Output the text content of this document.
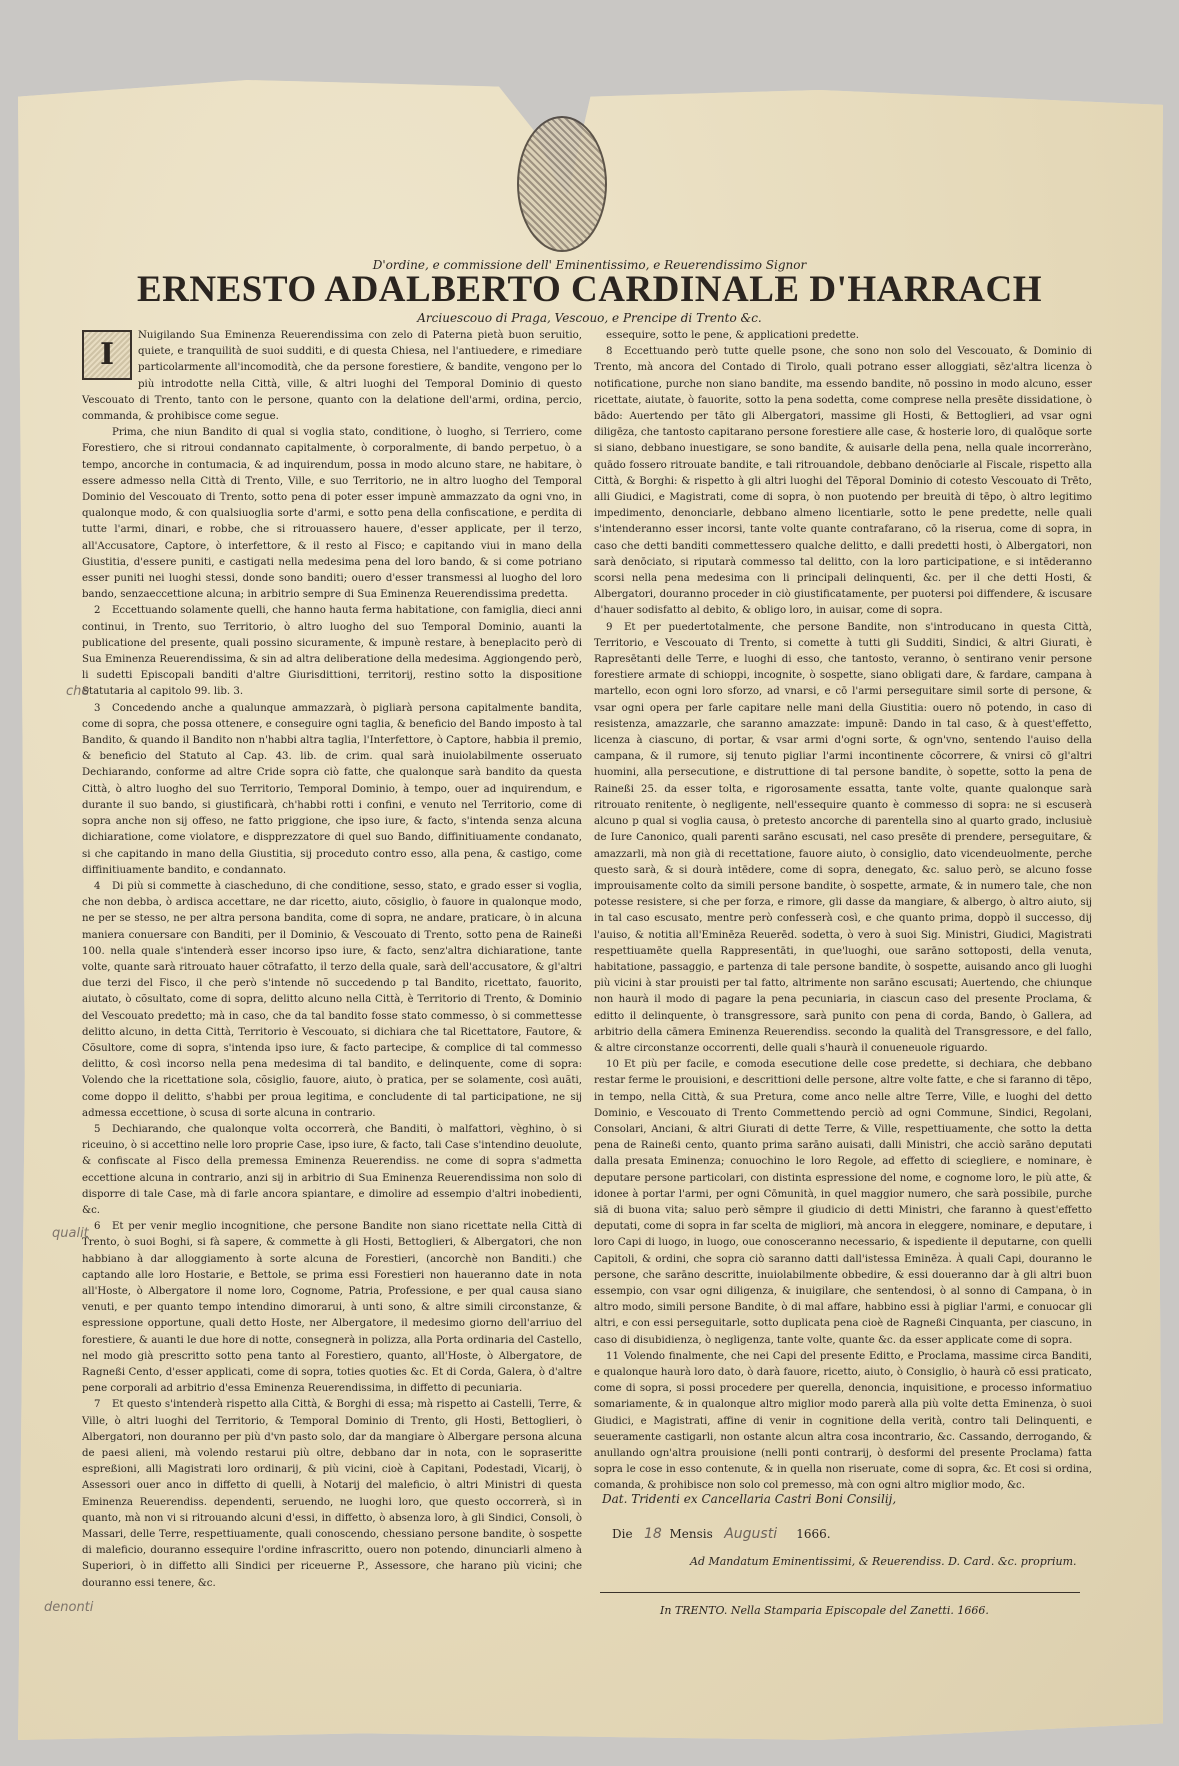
D'ordine, e commissione dell' Eminentissimo, e Reuerendissimo Signor
ERNESTO ADALBERTO CARDINALE D'HARRACH
Arciuescouo di Praga, Vescouo, e Prencipe di Trento &c.

I
Nuigilando Sua Eminenza Reuerendissima con zelo di Paterna pietà buon seruitio, quiete, e tranquilità de suoi sudditi, e di questa Chiesa, nel l'antiuedere, e rimediare particolarmente all'incomodità, che da persone forestiere, & bandite, vengono per lo più introdotte nella Città, ville, & altri luoghi del Temporal Dominio di questo Vescouato di Trento, tanto con le persone, quanto con la delatione dell'armi, ordina, percio, commanda, & prohibisce come segue.

Prima, che niun Bandito di qual si voglia stato, conditione, ò luogho, si Terriero, come Forestiero, che si ritroui condannato capitalmente, ò corporalmente, di bando perpetuo, ò a tempo, ancorche in contumacia, & ad inquirendum, possa in modo alcuno stare, ne habitare, ò essere admesso nella Città di Trento, Ville, e suo Territorio, ne in altro luogho del Temporal Dominio del Vescouato di Trento, sotto pena di poter esser impunè ammazzato da ogni vno, in qualonque modo, & con qualsiuoglia sorte d'armi, e sotto pena della confiscatione, e perdita di tutte l'armi, dinari, e robbe, che si ritrouassero hauere, d'esser applicate, per il terzo, all'Accusatore, Captore, ò interfettore, & il resto al Fisco; e capitando viui in mano della Giustitia, d'essere puniti, e castigati nella medesima pena del loro bando, & si come potriano esser puniti nei luoghi stessi, donde sono banditi; ouero d'esser transmessi al luogho del loro bando, senzaeccettione alcuna; in arbitrio sempre di Sua Eminenza Reuerendissima predetta.

2 Eccettuando solamente quelli, che hanno hauta ferma habitatione, con famiglia, dieci anni continui, in Trento, suo Territorio, ò altro luogho del suo Temporal Dominio, auanti la publicatione del presente, quali possino sicuramente, & impunè restare, à beneplacito però di Sua Eminenza Reuerendissima, & sin ad altra deliberatione della medesima. Aggiongendo però, li sudetti Episcopali banditi d'altre Giurisdittioni, territorij, restino sotto la dispositione Statutaria al capitolo 99. lib. 3.

3 Concedendo anche a qualunque ammazzarà, ò pigliarà persona capitalmente bandita, come di sopra, che possa ottenere, e conseguire ogni taglia, & beneficio del Bando imposto à tal Bandito, & quando il Bandito non n'habbi altra taglia, l'Interfettore, ò Captore, habbia il premio, & beneficio del Statuto al Cap. 43. lib. de crim. qual sarà inuiolabilmente osseruato Dechiarando, conforme ad altre Cride sopra ciò fatte, che qualonque sarà bandito da questa Città, ò altro luogho del suo Territorio, Temporal Dominio, à tempo, ouer ad inquirendum, e durante il suo bando, si giustificarà, ch'habbi rotti i confini, e venuto nel Territorio, come di sopra anche non sij offeso, ne fatto priggione, che ipso iure, & facto, s'intenda senza alcuna dichiaratione, come violatore, e dispprezzatore di quel suo Bando, diffinitiuamente condanato, si che capitando in mano della Giustitia, sij proceduto contro esso, alla pena, & castigo, come diffinitiuamente bandito, e condannato.

4 Di più si commette à ciascheduno, di che conditione, sesso, stato, e grado esser si voglia, che non debba, ò ardisca accettare, ne dar ricetto, aiuto, cõsiglio, ò fauore in qualonque modo, ne per se stesso, ne per altra persona bandita, come di sopra, ne andare, praticare, ò in alcuna maniera conuersare con Banditi, per il Dominio, & Vescouato di Trento, sotto pena de Raineßi 100. nella quale s'intenderà esser incorso ipso iure, & facto, senz'altra dichiaratione, tante volte, quante sarà ritrouato hauer cõtrafatto, il terzo della quale, sarà dell'accusatore, & gl'altri due terzi del Fisco, il che però s'intende nõ succedendo p tal Bandito, ricettato, fauorito, aiutato, ò cõsultato, come di sopra, delitto alcuno nella Città, è Territorio di Trento, & Dominio del Vescouato predetto; mà in caso, che da tal bandito fosse stato commesso, ò si commettesse delitto alcuno, in detta Città, Territorio è Vescouato, si dichiara che tal Ricettatore, Fautore, & Cõsultore, come di sopra, s'intenda ipso iure, & facto partecipe, & complice di tal commesso delitto, & così incorso nella pena medesima di tal bandito, e delinquente, come di sopra: Volendo che la ricettatione sola, cõsiglio, fauore, aiuto, ò pratica, per se solamente, così auãti, come doppo il delitto, s'habbi per proua legitima, e concludente di tal participatione, ne sij admessa eccettione, ò scusa di sorte alcuna in contrario.

5 Dechiarando, che qualonque volta occorrerà, che Banditi, ò malfattori, vèghino, ò si riceuino, ò si accettino nelle loro proprie Case, ipso iure, & facto, tali Case s'intendino deuolute, & confiscate al Fisco della premessa Eminenza Reuerendiss. ne come di sopra s'admetta eccettione alcuna in contrario, anzi sij in arbitrio di Sua Eminenza Reuerendissima non solo di disporre di tale Case, mà di farle ancora spiantare, e dimolire ad essempio d'altri inobedienti, &c.

6 Et per venir meglio incognitione, che persone Bandite non siano ricettate nella Città di Trento, ò suoi Boghi, si fà sapere, & commette à gli Hosti, Bettoglieri, & Albergatori, che non habbiano à dar alloggiamento à sorte alcuna de Forestieri, (ancorchè non Banditi.) che captando alle loro Hostarie, e Bettole, se prima essi Forestieri non haueranno date in nota all'Hoste, ò Albergatore il nome loro, Cognome, Patria, Professione, e per qual causa siano venuti, e per quanto tempo intendino dimorarui, à unti sono, & altre simili circonstanze, & espressione opportune, quali detto Hoste, ner Albergatore, il medesimo giorno dell'arriuo del forestiere, & auanti le due hore di notte, consegnerà in polizza, alla Porta ordinaria del Castello, nel modo già prescritto sotto pena tanto al Forestiero, quanto, all'Hoste, ò Albergatore, de Ragneßi Cento, d'esser applicati, come di sopra, toties quoties &c. Et di Corda, Galera, ò d'altre pene corporali ad arbitrio d'essa Eminenza Reuerendissima, in diffetto di pecuniaria.

7 Et questo s'intenderà rispetto alla Città, & Borghi di essa; mà rispetto ai Castelli, Terre, & Ville, ò altri luoghi del Territorio, & Temporal Dominio di Trento, gli Hosti, Bettoglieri, ò Albergatori, non douranno per più d'vn pasto solo, dar da mangiare ò Albergare persona alcuna de paesi alieni, mà volendo restarui più oltre, debbano dar in nota, con le sopraseritte espreßioni, alli Magistrati loro ordinarij, & più vicini, cioè à Capitani, Podestadi, Vicarij, ò Assessori ouer anco in diffetto di quelli, à Notarij del maleficio, ò altri Ministri di questa Eminenza Reuerendiss. dependenti, seruendo, ne luoghi loro, que questo occorrerà, sì in quanto, mà non vi si ritrouando alcuni d'essi, in diffetto, ò absenza loro, à gli Sindici, Consoli, ò Massari, delle Terre, respettiuamente, quali conoscendo, chessiano persone bandite, ò sospette di maleficio, douranno essequire l'ordine infrascritto, ouero non potendo, dinunciarli almeno à Superiori, ò in diffetto alli Sindici per riceuerne P., Assessore, che harano più vicini; che douranno essi tenere, &c.

essequire, sotto le pene, & applicationi predette.

8 Eccettuando però tutte quelle psone, che sono non solo del Vescouato, & Dominio di Trento, mà ancora del Contado di Tirolo, quali potrano esser alloggiati, sēz'altra licenza ò notificatione, purche non siano bandite, ma essendo bandite, nō possino in modo alcuno, esser ricettate, aiutate, ò fauorite, sotto la pena sodetta, come comprese nella presēte dissidatione, ò bādo: Auertendo per tāto gli Albergatori, massime gli Hosti, & Bettoglieri, ad vsar ogni diligēza, che tantosto capitarano persone forestiere alle case, & hosterie loro, di qualōque sorte si siano, debbano inuestigare, se sono bandite, & auisarle della pena, nella quale incorreràno, quādo fossero ritrouate bandite, e tali ritrouandole, debbano denōciarle al Fiscale, rispetto alla Città, & Borghi: & rispetto à gli altri luoghi del Tēporal Dominio di cotesto Vescouato di Trēto, alli Giudici, e Magistrati, come di sopra, ò non puotendo per breuità di tēpo, ò altro legitimo impedimento, denonciarle, debbano almeno licentiarle, sotto le pene predette, nelle quali s'intenderanno esser incorsi, tante volte quante contrafarano, cō la riserua, come di sopra, in caso che detti banditi commettessero qualche delitto, e dalli predetti hosti, ò Albergatori, non sarà denōciato, si riputarà commesso tal delitto, con la loro participatione, e si intēderanno scorsi nella pena medesima con li principali delinquenti, &c. per il che detti Hosti, & Albergatori, douranno proceder in ciò giustificatamente, per puotersi poi diffendere, & iscusare d'hauer sodisfatto al debito, & obligo loro, in auisar, come di sopra.

9 Et per puedertotalmente, che persone Bandite, non s'introducano in questa Città, Territorio, e Vescouato di Trento, si comette à tutti gli Sudditi, Sindici, & altri Giurati, è Rapresētanti delle Terre, e luoghi di esso, che tantosto, veranno, ò sentirano venir persone forestiere armate di schioppi, incognite, ò sospette, siano obligati dare, & fardare, campana à martello, econ ogni loro sforzo, ad vnarsi, e cō l'armi perseguitare simil sorte di persone, & vsar ogni opera per farle capitare nelle mani della Giustitia: ouero nō potendo, in caso di resistenza, amazzarle, che saranno amazzate: impunē: Dando in tal caso, & à quest'effetto, licenza à ciascuno, di portar, & vsar armi d'ogni sorte, & ogn'vno, sentendo l'auiso della campana, & il rumore, sij tenuto pigliar l'armi incontinente cōcorrere, & vnirsi cō gl'altri huomini, alla persecutione, e distruttione di tal persone bandite, ò sopette, sotto la pena de Raineßi 25. da esser tolta, e rigorosamente essatta, tante volte, quante qualonque sarà ritrouato renitente, ò negligente, nell'essequire quanto è commesso di sopra: ne si escuserà alcuno p qual si voglia causa, ò pretesto ancorche di parentella sino al quarto grado, inclusiuè de Iure Canonico, quali parenti sarāno escusati, nel caso presēte di prendere, perseguitare, & amazzarli, mà non già di recettatione, fauore aiuto, ò consiglio, dato vicendeuolmente, perche questo sarà, & si dourà intēdere, come di sopra, denegato, &c. saluo però, se alcuno fosse improuisamente colto da simili persone bandite, ò sospette, armate, & in numero tale, che non potesse resistere, si che per forza, e rimore, gli dasse da mangiare, & albergo, ò altro aiuto, sij in tal caso escusato, mentre però confesserà così, e che quanto prima, doppò il successo, dij l'auiso, & notitia all'Eminēza Reuerēd. sodetta, ò vero à suoi Sig. Ministri, Giudici, Magistrati respettiuamēte quella Rappresentāti, in que'luoghi, oue sarāno sottoposti, della venuta, habitatione, passaggio, e partenza di tale persone bandite, ò sospette, auisando anco gli luoghi più vicini à star prouisti per tal fatto, altrimente non sarāno escusati; Auertendo, che chiunque non haurà il modo di pagare la pena pecuniaria, in ciascun caso del presente Proclama, & editto il delinquente, ò transgressore, sarà punito con pena di corda, Bando, ò Gallera, ad arbitrio della cāmera Eminenza Reuerendiss. secondo la qualità del Transgressore, e del fallo, & altre circonstanze occorrenti, delle quali s'haurà il conueneuole riguardo.

10 Et più per facile, e comoda esecutione delle cose predette, si dechiara, che debbano restar ferme le prouisioni, e descrittioni delle persone, altre volte fatte, e che si faranno di tēpo, in tempo, nella Città, & sua Pretura, come anco nelle altre Terre, Ville, e luoghi del detto Dominio, e Vescouato di Trento Commettendo perciò ad ogni Commune, Sindici, Regolani, Consolari, Anciani, & altri Giurati di dette Terre, & Ville, respettiuamente, che sotto la detta pena de Raineßi cento, quanto prima sarāno auisati, dalli Ministri, che acciò sarāno deputati dalla presata Eminenza; conuochino le loro Regole, ad effetto di sciegliere, e nominare, è deputare persone particolari, con distinta espressione del nome, e cognome loro, le più atte, & idonee à portar l'armi, per ogni Cōmunità, in quel maggior numero, che sarà possibile, purche siā di buona vita; saluo però sēmpre il giudicio di detti Ministri, che faranno à quest'effetto deputati, come di sopra in far scelta de migliori, mà ancora in eleggere, nominare, e deputare, i loro Capi di luogo, in luogo, oue conosceranno necessario, & ispediente il deputarne, con quelli Capitoli, & ordini, che sopra ciò saranno datti dall'istessa Eminēza. À quali Capi, douranno le persone, che sarāno descritte, inuiolabilmente obbedire, & essi doueranno dar à gli altri buon essempio, con vsar ogni diligenza, & inuigilare, che sentendosi, ò al sonno di Campana, ò in altro modo, simili persone Bandite, ò di mal affare, habbino essi à pigliar l'armi, e conuocar gli altri, e con essi perseguitarle, sotto duplicata pena cioè de Ragneßi Cinquanta, per ciascuno, in caso di disubidienza, ò negligenza, tante volte, quante &c. da esser applicate come di sopra.

11 Volendo finalmente, che nei Capi del presente Editto, e Proclama, massime circa Banditi, e qualonque haurà loro dato, ò darà fauore, ricetto, aiuto, ò Consiglio, ò haurà cō essi praticato, come di sopra, si possi procedere per querella, denoncia, inquisitione, e processo informatiuo somariamente, & in qualonque altro miglior modo parerà alla più volte detta Eminenza, ò suoi Giudici, e Magistrati, affine di venir in cognitione della verità, contro tali Delinquenti, e seueramente castigarli, non ostante alcun altra cosa incontrario, &c. Cassando, derrogando, & anullando ogn'altra prouisione (nelli ponti contrarij, ò desformi del presente Proclama) fatta sopra le cose in esso contenute, & in quella non riseruate, come di sopra, &c. Et cosi si ordina, comanda, & prohibisce non solo col premesso, mà con ogni altro miglior modo, &c.

che
qualit
denonti
Dat. Tridenti ex Cancellaria Castri Boni Consilij,
Die 18 Mensis Augusti 1666.
Ad Mandatum Eminentissimi, & Reuerendiss. D. Card. &c. proprium.
In TRENTO. Nella Stamparia Episcopale del Zanetti. 1666.
